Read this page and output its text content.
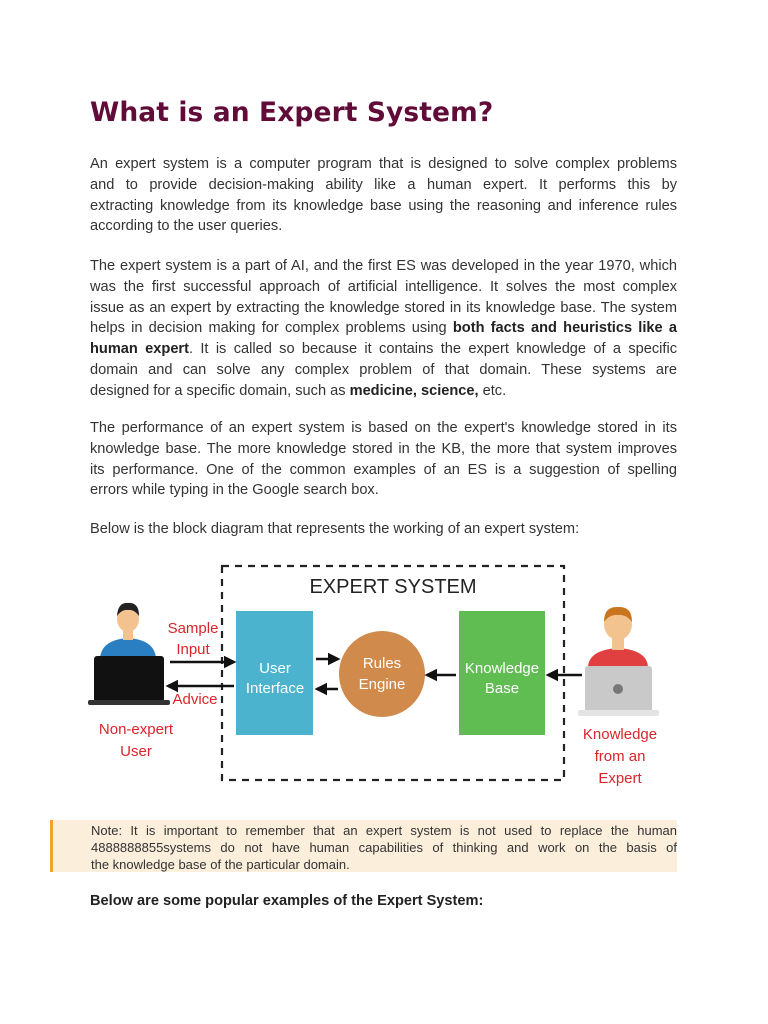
What is an Expert System?

An expert system is a computer program that is designed to solve complex problems
and to provide decision-making ability like a human expert. It performs this by
extracting knowledge from its knowledge base using the reasoning and inference rules
according to the user queries.

The expert system is a part of AI, and the first ES was developed in the year 1970, which
was the first successful approach of artificial intelligence. It solves the most complex
issue as an expert by extracting the knowledge stored in its knowledge base. The system
helps in decision making for complex problems using both facts and heuristics like a
human expert. It is called so because it contains the expert knowledge of a specific
domain and can solve any complex problem of that domain. These systems are
designed for a specific domain, such as medicine, science, etc.

The performance of an expert system is based on the expert's knowledge stored in its
knowledge base. The more knowledge stored in the KB, the more that system improves
its performance. One of the common examples of an ES is a suggestion of spelling
errors while typing in the Google search box.

Below is the block diagram that represents the working of an expert system:

EXPERT SYSTEM
User
Interface
Rules
Engine
Knowledge
Base
Sample
Input
Advice
Non-expert
User
Knowledge
from an
Expert
Note: It is important to remember that an expert system is not used to replace the human
4888888855systems do not have human capabilities of thinking and work on the basis of
the knowledge base of the particular domain.

Below are some popular examples of the Expert System:
